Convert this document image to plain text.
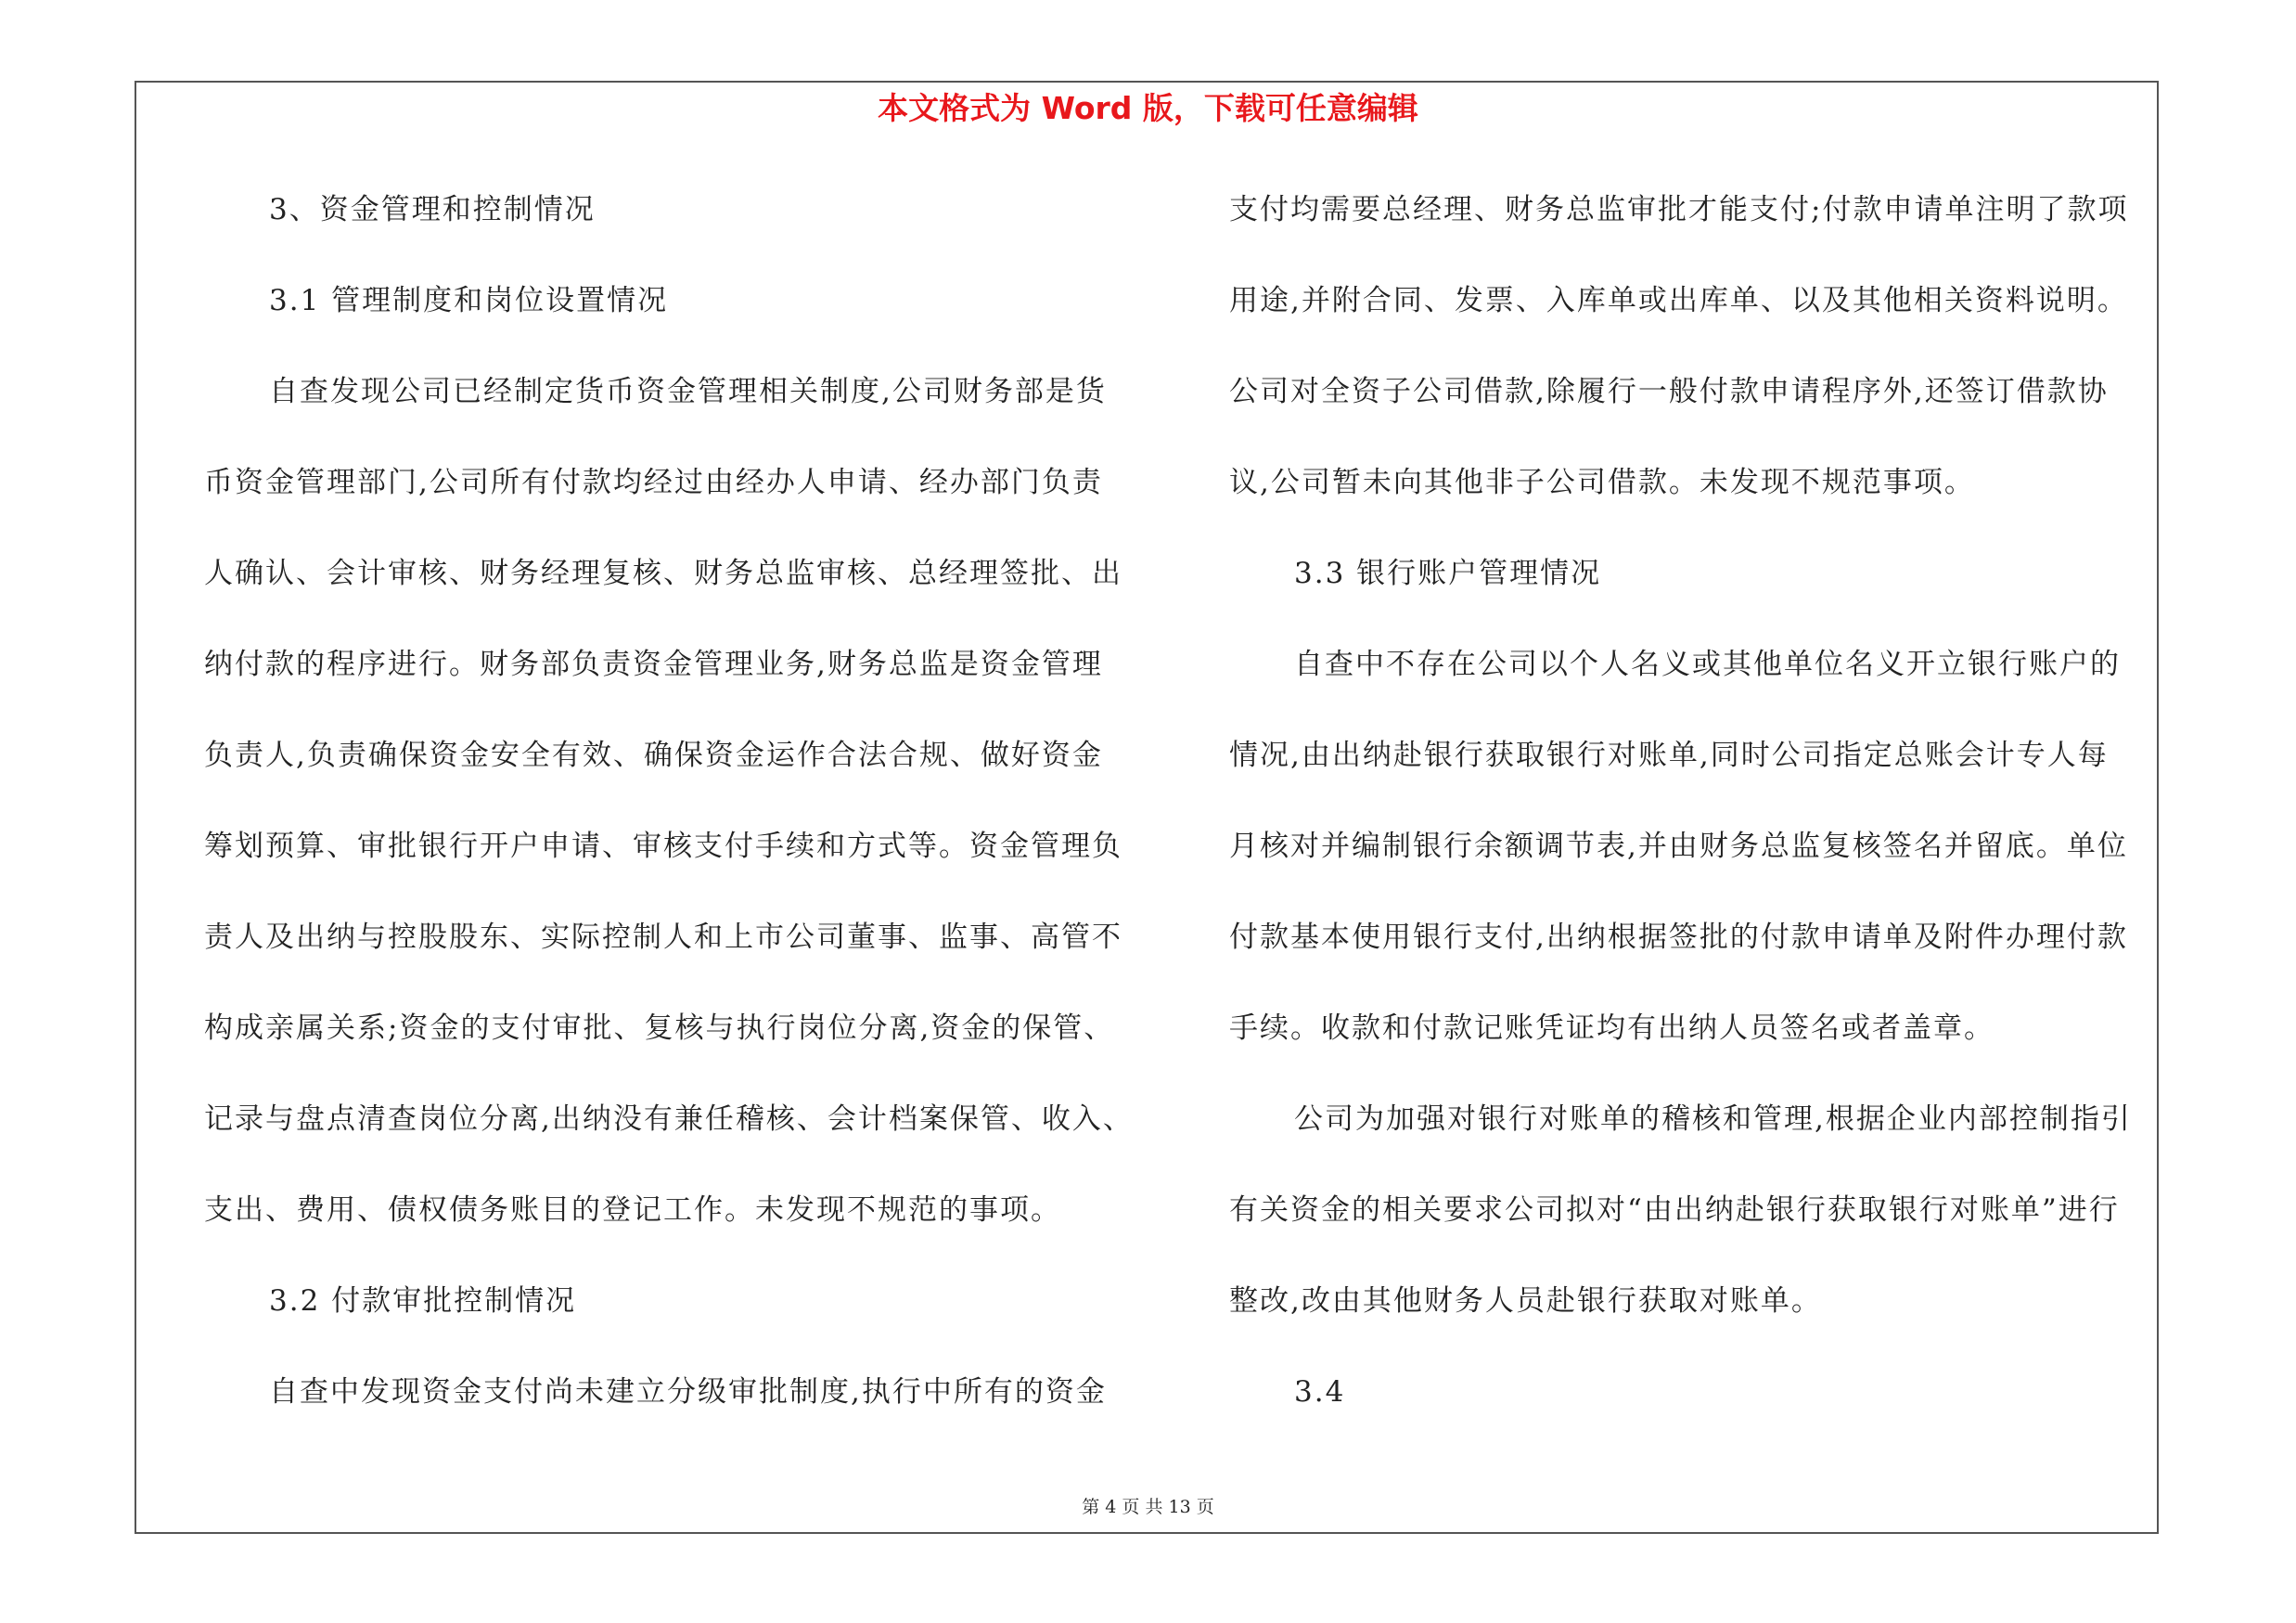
本文格式为 Word 版，下载可任意编辑
3、资金管理和控制情况
3.1 管理制度和岗位设置情况
自查发现公司已经制定货币资金管理相关制度,公司财务部是货
币资金管理部门,公司所有付款均经过由经办人申请、经办部门负责
人确认、会计审核、财务经理复核、财务总监审核、总经理签批、出
纳付款的程序进行。财务部负责资金管理业务,财务总监是资金管理
负责人,负责确保资金安全有效、确保资金运作合法合规、做好资金
筹划预算、审批银行开户申请、审核支付手续和方式等。资金管理负
责人及出纳与控股股东、实际控制人和上市公司董事、监事、高管不
构成亲属关系;资金的支付审批、复核与执行岗位分离,资金的保管、
记录与盘点清查岗位分离,出纳没有兼任稽核、会计档案保管、收入、
支出、费用、债权债务账目的登记工作。未发现不规范的事项。
3.2 付款审批控制情况
自查中发现资金支付尚未建立分级审批制度,执行中所有的资金
支付均需要总经理、财务总监审批才能支付;付款申请单注明了款项
用途,并附合同、发票、入库单或出库单、以及其他相关资料说明。
公司对全资子公司借款,除履行一般付款申请程序外,还签订借款协
议,公司暂未向其他非子公司借款。未发现不规范事项。
3.3 银行账户管理情况
自查中不存在公司以个人名义或其他单位名义开立银行账户的
情况,由出纳赴银行获取银行对账单,同时公司指定总账会计专人每
月核对并编制银行余额调节表,并由财务总监复核签名并留底。单位
付款基本使用银行支付,出纳根据签批的付款申请单及附件办理付款
手续。收款和付款记账凭证均有出纳人员签名或者盖章。
公司为加强对银行对账单的稽核和管理,根据企业内部控制指引
有关资金的相关要求公司拟对“由出纳赴银行获取银行对账单”进行
整改,改由其他财务人员赴银行获取对账单。
3.4
第 4 页 共 13 页
